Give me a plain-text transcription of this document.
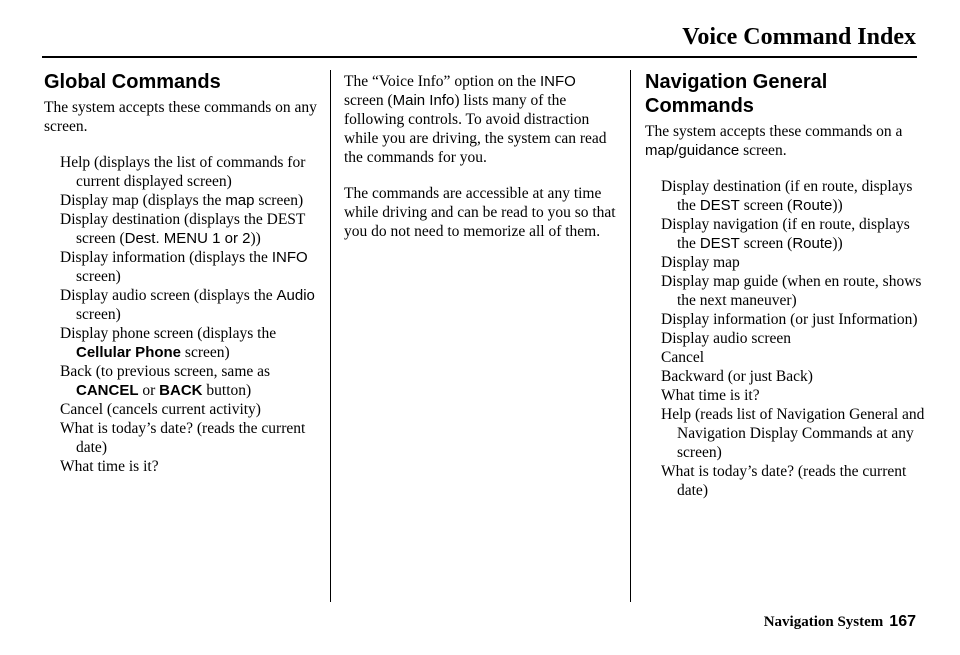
Voice Command Index
Global Commands

The system accepts these commands on any screen.

Help (displays the list of commands for current displayed screen)
Display map (displays the map screen)
Display destination (displays the DEST screen (Dest. MENU 1 or 2))
Display information (displays the INFO screen)
Display audio screen (displays the Audio screen)
Display phone screen (displays the Cellular Phone screen)
Back (to previous screen, same as CANCEL or BACK button)
Cancel (cancels current activity)
What is today’s date? (reads the current date)
What time is it?

The “Voice Info” option on the INFO screen (Main Info) lists many of the following controls. To avoid distraction while you are driving, the system can read the commands for you.

The commands are accessible at any time while driving and can be read to you so that you do not need to memorize all of them.

Navigation General Commands

The system accepts these commands on a map/guidance screen.

Display destination (if en route, displays the DEST screen (Route))
Display navigation (if en route, displays the DEST screen (Route))
Display map
Display map guide (when en route, shows the next maneuver)
Display information (or just Information)
Display audio screen
Cancel
Backward (or just Back)
What time is it?
Help (reads list of Navigation General and Navigation Display Commands at any screen)
What is today’s date? (reads the current date)
Navigation System 167
